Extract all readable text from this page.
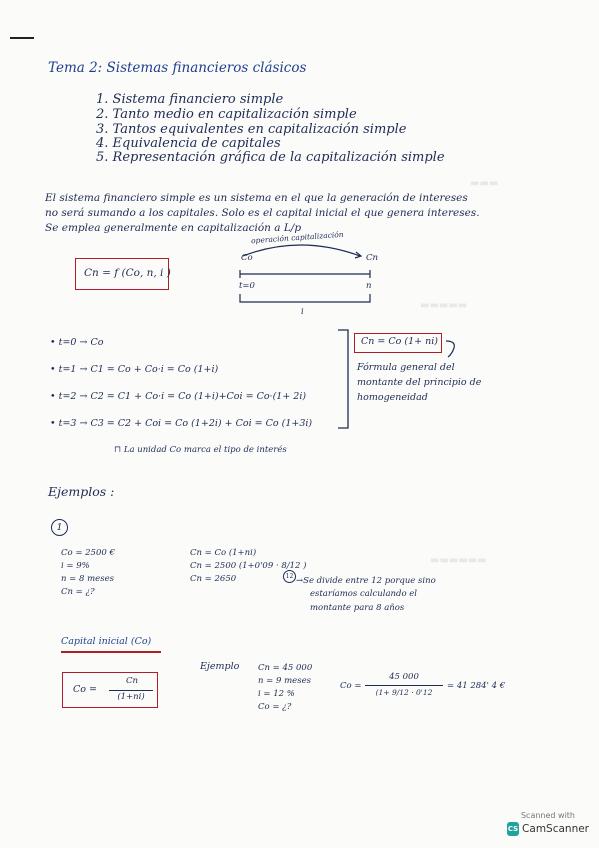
Tema 2: Sistemas financieros clásicos
1. Sistema financiero simple
2. Tanto medio en capitalización simple
3. Tantos equivalentes en capitalización simple
4. Equivalencia de capitales
5. Representación gráfica de la capitalización simple
El sistema financiero simple es un sistema en el que la generación de intereses
no será sumando a los capitales. Solo es el capital inicial el que genera intereses.
Se emplea generalmente en capitalización a L/p
Cn = f (Co, n, i )
operación capitalización
Co	Cn
t=0	n
i
• t=0 → Co
• t=1 → C1 = Co + Co·i = Co (1+i)
• t=2 → C2 = C1 + Co·i = Co (1+i)+Coi = Co·(1+ 2i)
• t=3 → C3 = C2 + Coi = Co (1+2i) + Coi = Co (1+3i)
⊓ La unidad Co marca el tipo de interés
Cn = Co (1+ ni)
Fórmula general del
montante del principio de
homogeneidad
Ejemplos :
1
Co = 2500 €
i = 9%
n = 8 meses
Cn = ¿?
Cn = Co (1+ni)
Cn = 2500 (1+0'09 · 8/12 )
Cn = 2650	12 →Se divide entre 12 porque sino
estaríamos calculando el
montante para 8 años
Capital inicial (Co)
Co =
Cn
(1+ni)
Ejemplo Cn = 45 000
n = 9 meses
i = 12 %
Co = ¿?
Co =
45 000
(1+ 9/12 · 0'12
= 41 284' 4 €
▬▬▬
▬▬▬▬▬
▬▬▬▬▬▬
Scanned with
CS CamScanner
